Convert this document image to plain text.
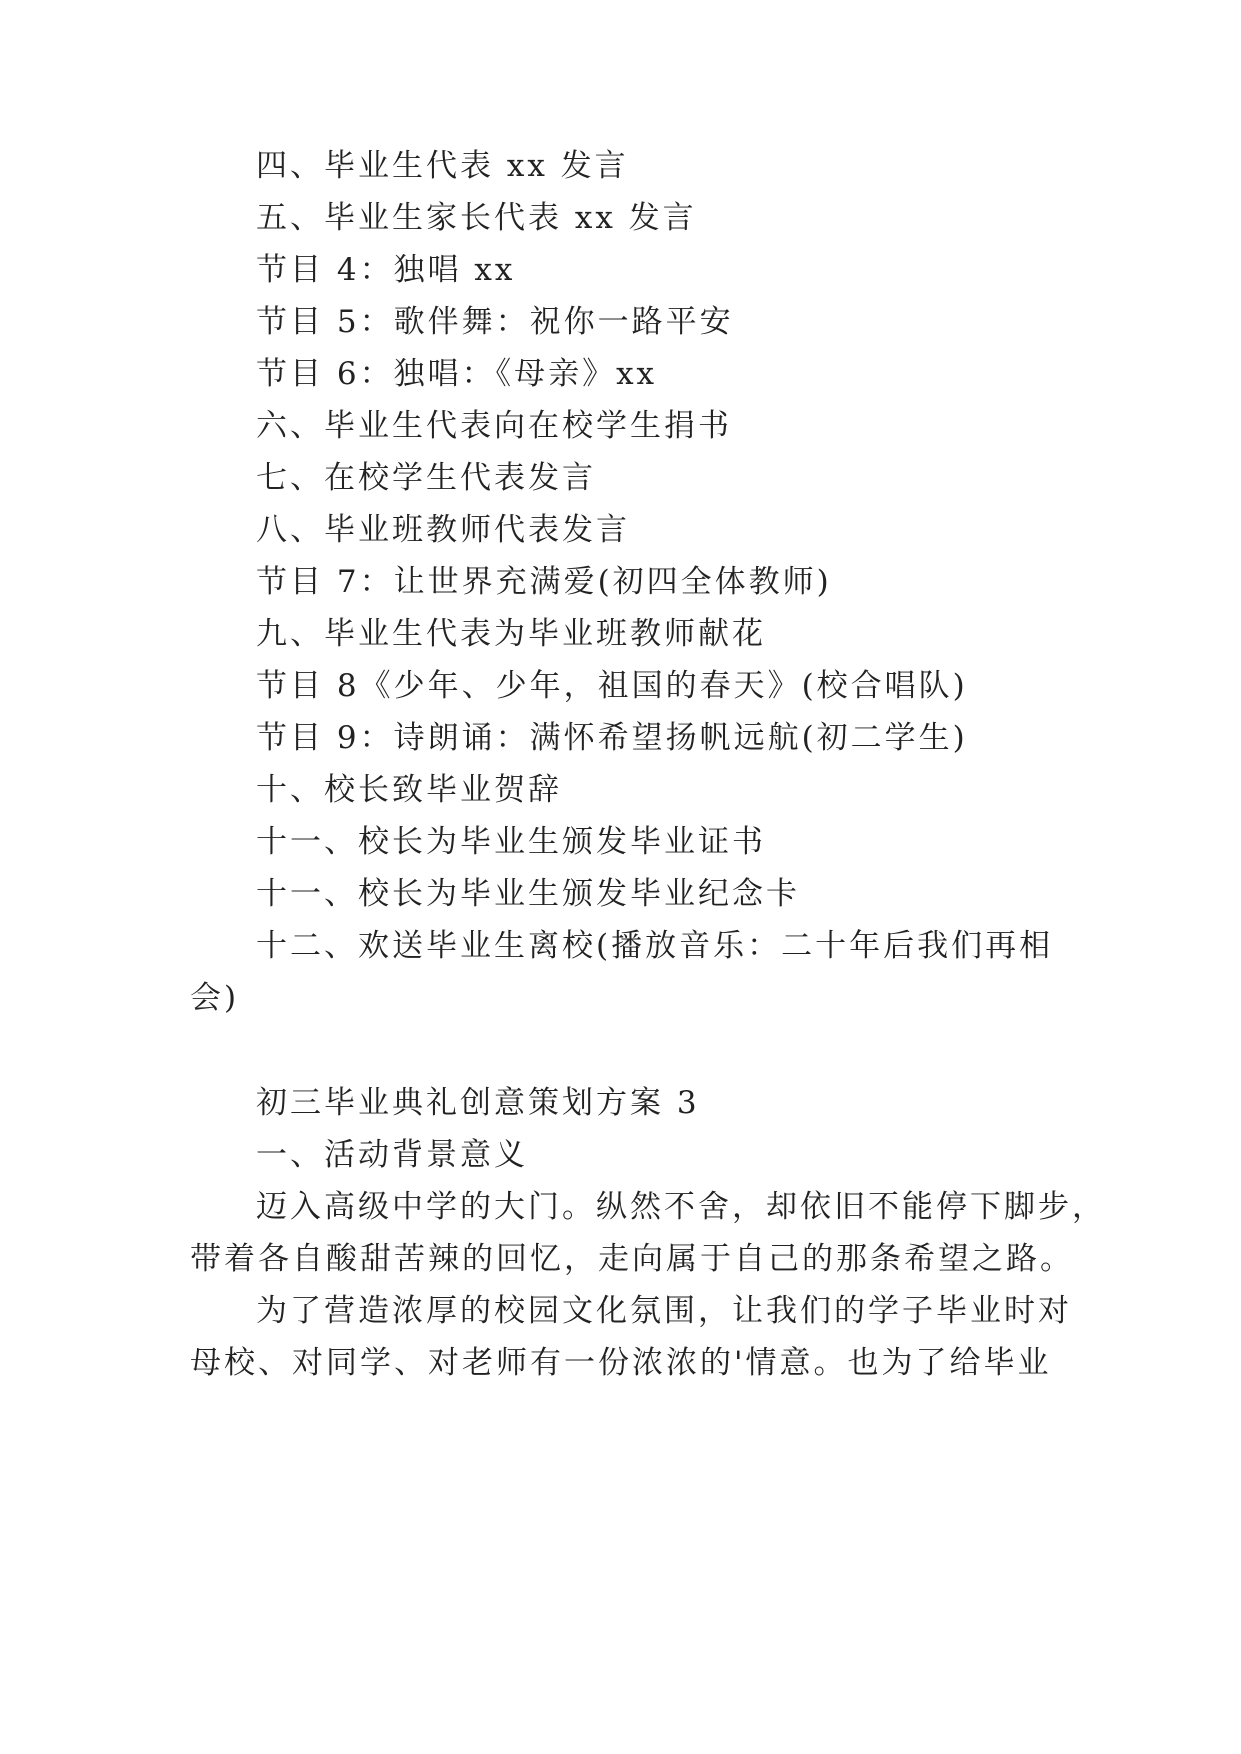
四、毕业生代表 xx 发言
五、毕业生家长代表 xx 发言
节目 4：独唱 xx
节目 5：歌伴舞：祝你一路平安
节目 6：独唱：《母亲》xx
六、毕业生代表向在校学生捐书
七、在校学生代表发言
八、毕业班教师代表发言
节目 7：让世界充满爱(初四全体教师)
九、毕业生代表为毕业班教师献花
节目 8《少年、少年，祖国的春天》(校合唱队)
节目 9：诗朗诵：满怀希望扬帆远航(初二学生)
十、校长致毕业贺辞
十一、校长为毕业生颁发毕业证书
十一、校长为毕业生颁发毕业纪念卡
十二、欢送毕业生离校(播放音乐：二十年后我们再相
会)
初三毕业典礼创意策划方案 3
一、活动背景意义
迈入高级中学的大门。纵然不舍，却依旧不能停下脚步，
带着各自酸甜苦辣的回忆，走向属于自己的那条希望之路。
为了营造浓厚的校园文化氛围，让我们的学子毕业时对
母校、对同学、对老师有一份浓浓的'情意。也为了给毕业
